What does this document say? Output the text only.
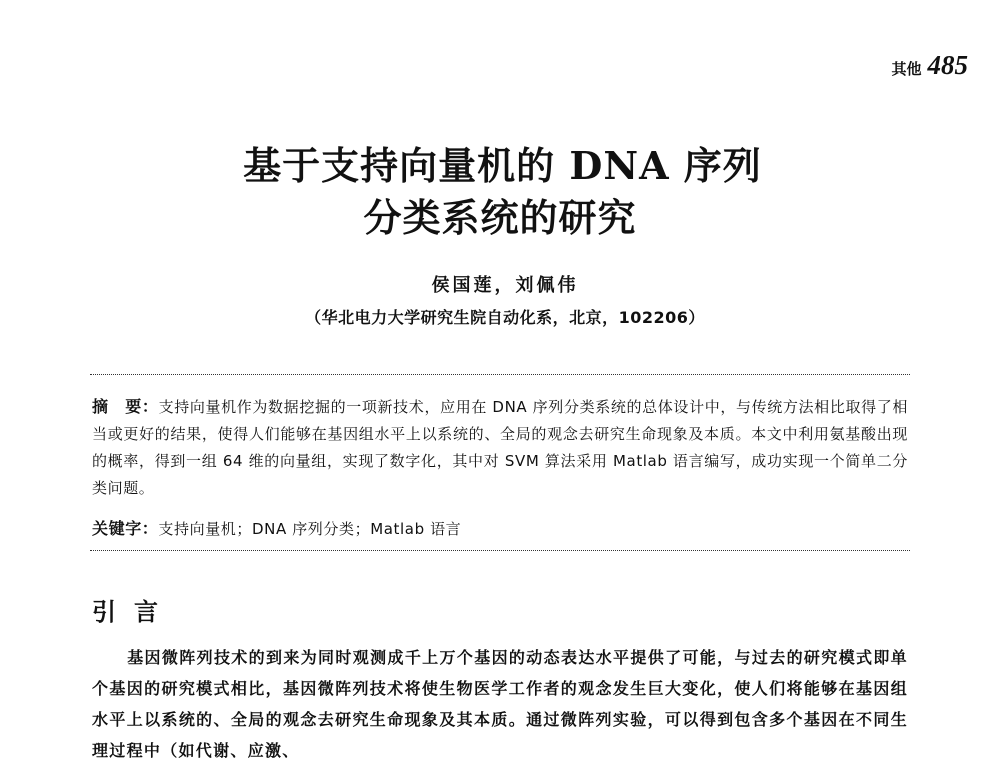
其他 485
基于支持向量机的 DNA 序列
分类系统的研究
侯国莲，刘佩伟
（华北电力大学研究生院自动化系，北京，102206）

摘　要：支持向量机作为数据挖掘的一项新技术，应用在 DNA 序列分类系统的总体设计中，与传统方法相比取得了相当或更好的结果，使得人们能够在基因组水平上以系统的、全局的观念去研究生命现象及本质。本文中利用氨基酸出现的概率，得到一组 64 维的向量组，实现了数字化，其中对 SVM 算法采用 Matlab 语言编写，成功实现一个简单二分类问题。

关键字：支持向量机；DNA 序列分类；Matlab 语言
引言

基因微阵列技术的到来为同时观测成千上万个基因的动态表达水平提供了可能，与过去的研究模式即单个基因的研究模式相比，基因微阵列技术将使生物医学工作者的观念发生巨大变化，使人们将能够在基因组水平上以系统的、全局的观念去研究生命现象及其本质。通过微阵列实验，可以得到包含多个基因在不同生理过程中（如代谢、应激、
